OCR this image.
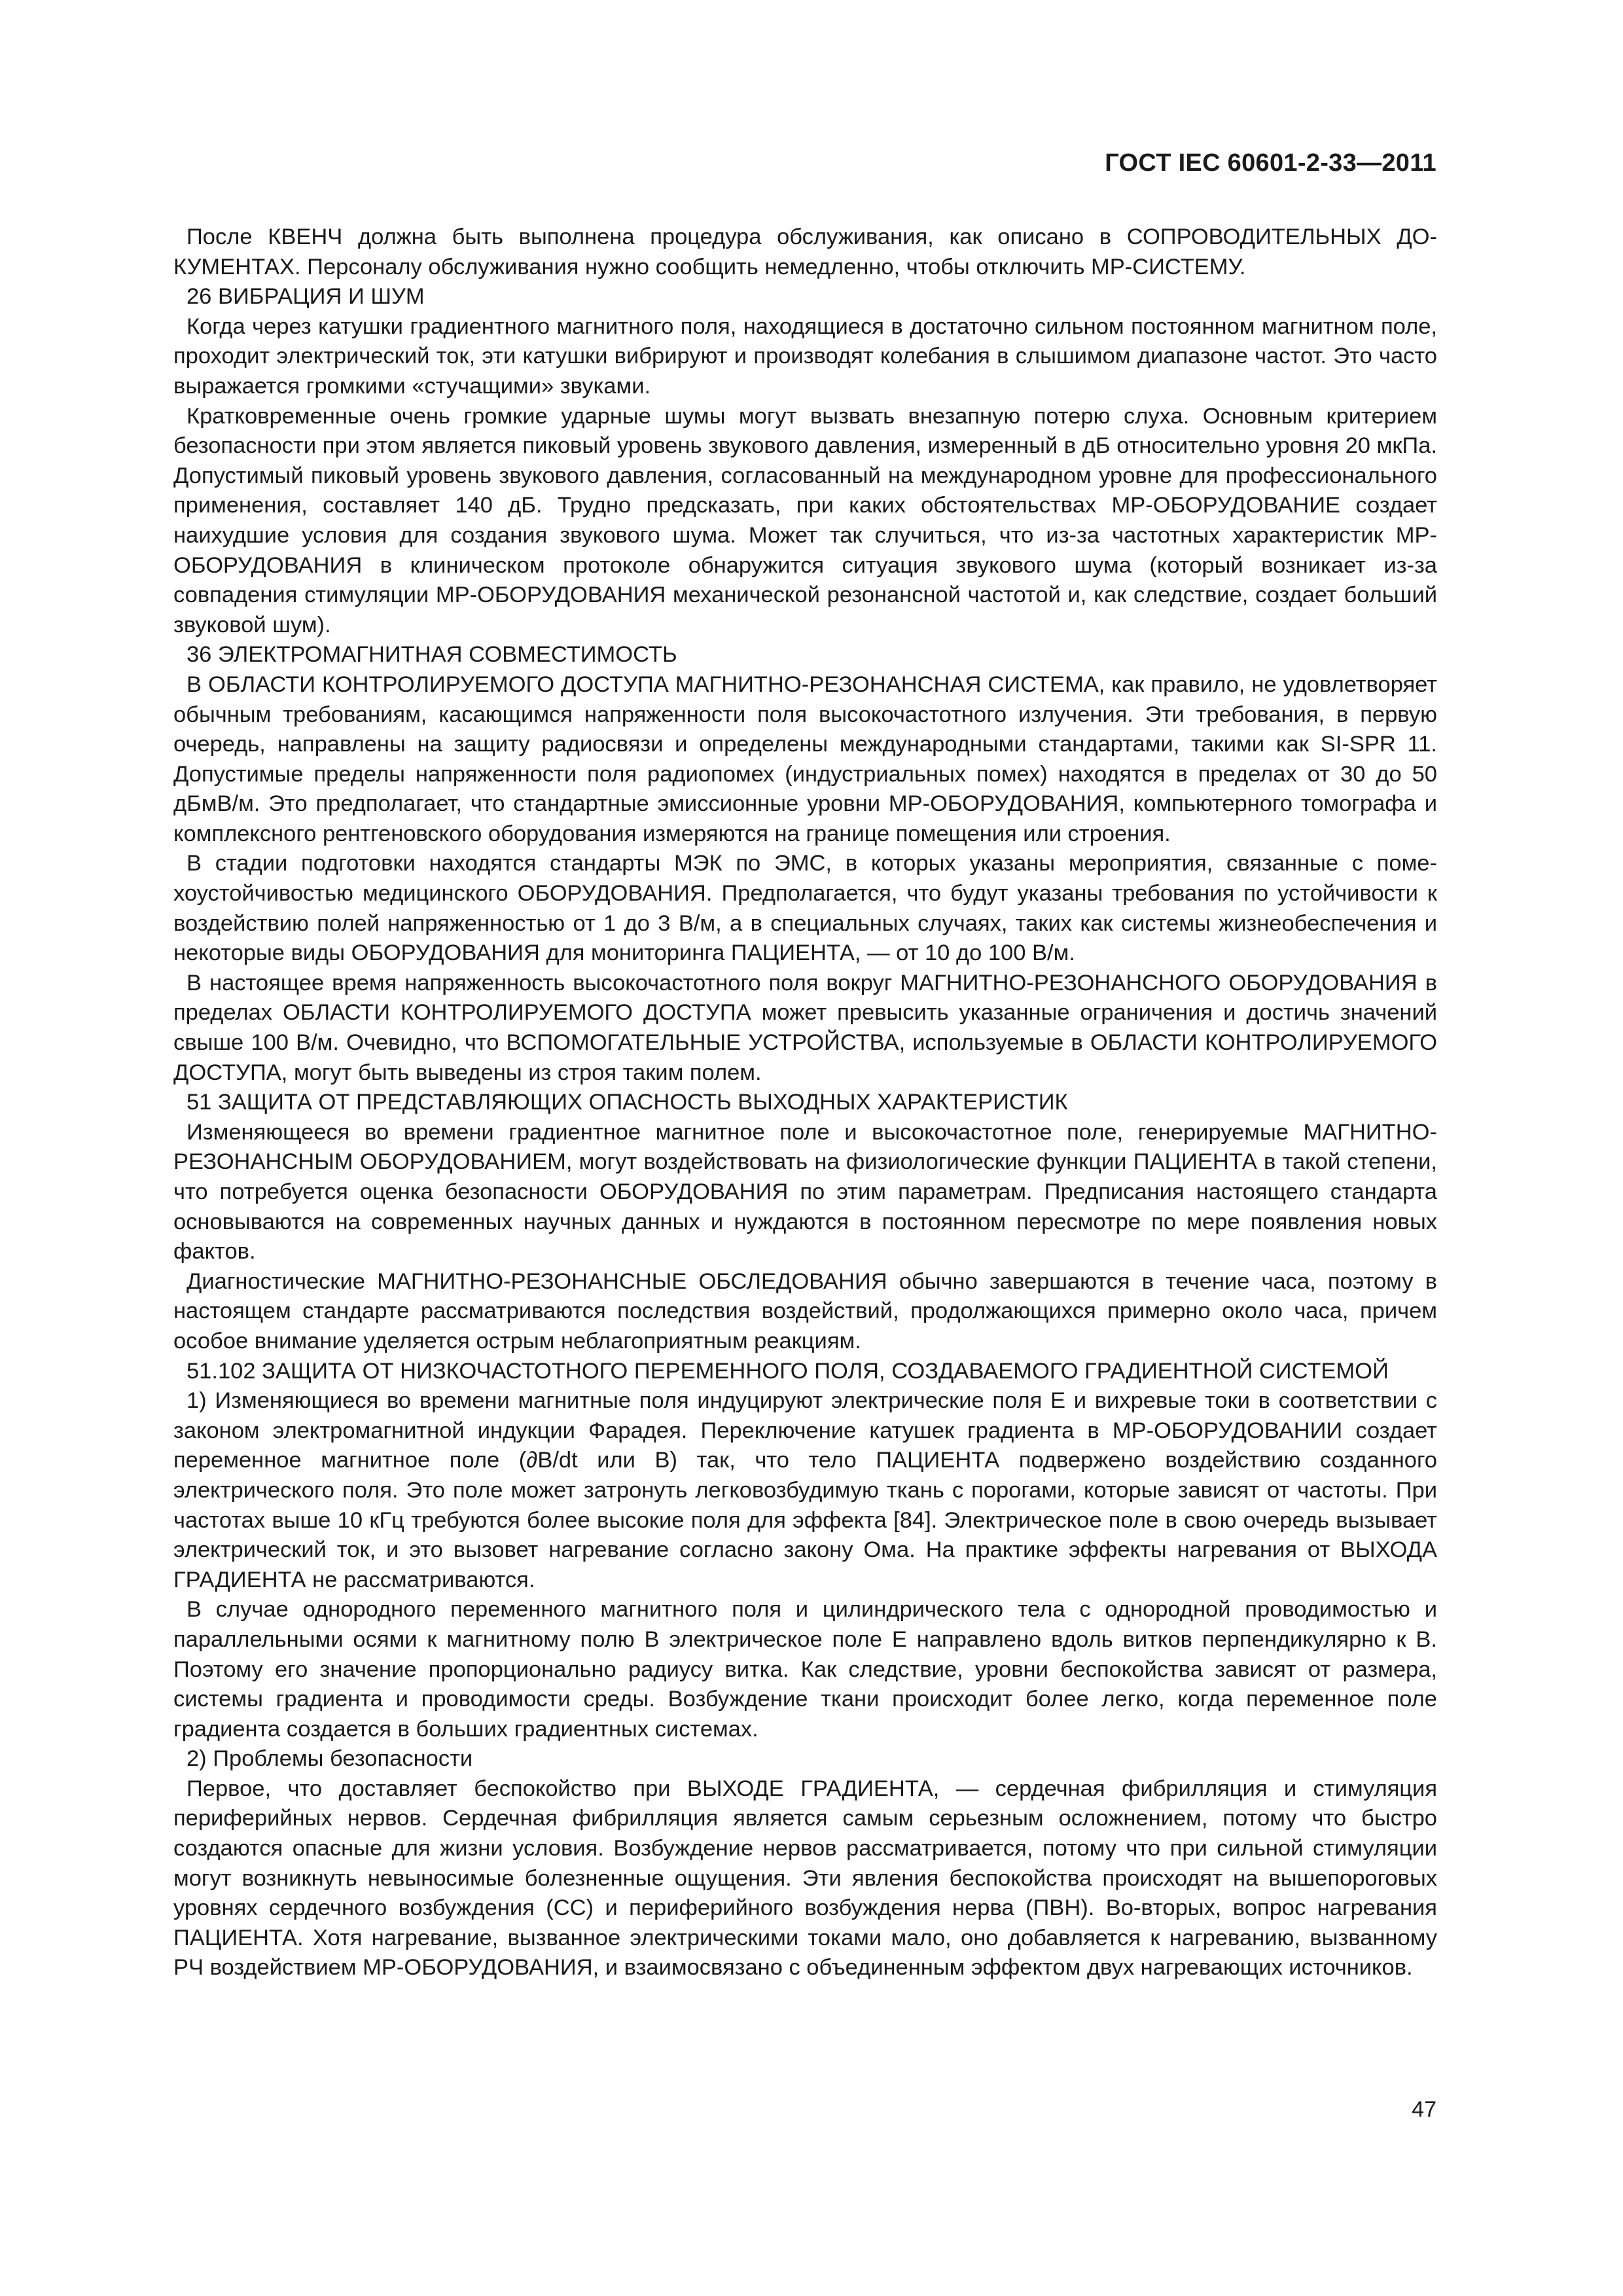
ГОСТ IEC 60601-2-33—2011

После КВЕНЧ должна быть выполнена процедура обслуживания, как описано в СОПРОВОДИТЕЛЬНЫХ ДОКУМЕНТАХ. Персоналу обслуживания нужно сообщить немедленно, чтобы отключить МР-СИСТЕМУ.

26 ВИБРАЦИЯ И ШУМ

Когда через катушки градиентного магнитного поля, находящиеся в достаточно сильном постоянном магнитном поле, проходит электрический ток, эти катушки вибрируют и производят колебания в слышимом диапазоне частот. Это часто выражается громкими «стучащими» звуками.

Кратковременные очень громкие ударные шумы могут вызвать внезапную потерю слуха. Основным критерием безопасности при этом является пиковый уровень звукового давления, измеренный в дБ относительно уровня 20 мкПа. Допустимый пиковый уровень звукового давления, согласованный на международном уровне для профессионального применения, составляет 140 дБ. Трудно предсказать, при каких обстоятельствах МР-ОБОРУДОВАНИЕ создает наихудшие условия для создания звукового шума. Может так случиться, что из-за частотных характеристик МР-ОБОРУДОВАНИЯ в клиническом протоколе обнаружится ситуация звукового шума (который возникает из-за совпадения стимуляции МР-ОБОРУДОВАНИЯ механической резонансной частотой и, как следствие, создает больший звуковой шум).

36 ЭЛЕКТРОМАГНИТНАЯ СОВМЕСТИМОСТЬ

В ОБЛАСТИ КОНТРОЛИРУЕМОГО ДОСТУПА МАГНИТНО-РЕЗОНАНСНАЯ СИСТЕМА, как правило, не удовлетворяет обычным требованиям, касающимся напряженности поля высокочастотного излучения. Эти требования, в первую очередь, направлены на защиту радиосвязи и определены международными стандартами, такими как SI-SPR 11. Допустимые пределы напряженности поля радиопомех (индустриальных помех) находятся в пределах от 30 до 50 дБмВ/м. Это предполагает, что стандартные эмиссионные уровни МР-ОБОРУДОВАНИЯ, компьютерного томографа и комплексного рентгеновского оборудования измеряются на границе помещения или строения.

В стадии подготовки находятся стандарты МЭК по ЭМС, в которых указаны мероприятия, связанные с помехоустойчивостью медицинского ОБОРУДОВАНИЯ. Предполагается, что будут указаны требования по устойчивости к воздействию полей напряженностью от 1 до 3 В/м, а в специальных случаях, таких как системы жизнеобеспечения и некоторые виды ОБОРУДОВАНИЯ для мониторинга ПАЦИЕНТА, — от 10 до 100 В/м.

В настоящее время напряженность высокочастотного поля вокруг МАГНИТНО-РЕЗОНАНСНОГО ОБОРУДОВАНИЯ в пределах ОБЛАСТИ КОНТРОЛИРУЕМОГО ДОСТУПА может превысить указанные ограничения и достичь значений свыше 100 В/м. Очевидно, что ВСПОМОГАТЕЛЬНЫЕ УСТРОЙСТВА, используемые в ОБЛАСТИ КОНТРОЛИРУЕМОГО ДОСТУПА, могут быть выведены из строя таким полем.

51 ЗАЩИТА ОТ ПРЕДСТАВЛЯЮЩИХ ОПАСНОСТЬ ВЫХОДНЫХ ХАРАКТЕРИСТИК

Изменяющееся во времени градиентное магнитное поле и высокочастотное поле, генерируемые МАГНИТНО-РЕЗОНАНСНЫМ ОБОРУДОВАНИЕМ, могут воздействовать на физиологические функции ПАЦИЕНТА в такой степени, что потребуется оценка безопасности ОБОРУДОВАНИЯ по этим параметрам. Предписания настоящего стандарта основываются на современных научных данных и нуждаются в постоянном пересмотре по мере появления новых фактов.

Диагностические МАГНИТНО-РЕЗОНАНСНЫЕ ОБСЛЕДОВАНИЯ обычно завершаются в течение часа, поэтому в настоящем стандарте рассматриваются последствия воздействий, продолжающихся примерно около часа, причем особое внимание уделяется острым неблагоприятным реакциям.

51.102 ЗАЩИТА ОТ НИЗКОЧАСТОТНОГО ПЕРЕМЕННОГО ПОЛЯ, СОЗДАВАЕМОГО ГРАДИЕНТНОЙ СИСТЕМОЙ

1) Изменяющиеся во времени магнитные поля индуцируют электрические поля E и вихревые токи в соответствии с законом электромагнитной индукции Фарадея. Переключение катушек градиента в МР-ОБОРУДОВАНИИ создает переменное магнитное поле (∂B/dt или B) так, что тело ПАЦИЕНТА подвержено воздействию созданного электрического поля. Это поле может затронуть легковозбудимую ткань с порогами, которые зависят от частоты. При частотах выше 10 кГц требуются более высокие поля для эффекта [84]. Электрическое поле в свою очередь вызывает электрический ток, и это вызовет нагревание согласно закону Ома. На практике эффекты нагревания от ВЫХОДА ГРАДИЕНТА не рассматриваются.

В случае однородного переменного магнитного поля и цилиндрического тела с однородной проводимостью и параллельными осями к магнитному полю B электрическое поле E направлено вдоль витков перпендикулярно к B. Поэтому его значение пропорционально радиусу витка. Как следствие, уровни беспокойства зависят от размера, системы градиента и проводимости среды. Возбуждение ткани происходит более легко, когда переменное поле градиента создается в больших градиентных системах.

2) Проблемы безопасности

Первое, что доставляет беспокойство при ВЫХОДЕ ГРАДИЕНТА, — сердечная фибрилляция и стимуляция периферийных нервов. Сердечная фибрилляция является самым серьезным осложнением, потому что быстро создаются опасные для жизни условия. Возбуждение нервов рассматривается, потому что при сильной стимуляции могут возникнуть невыносимые болезненные ощущения. Эти явления беспокойства происходят на вышепороговых уровнях сердечного возбуждения (СС) и периферийного возбуждения нерва (ПВН). Во-вторых, вопрос нагревания ПАЦИЕНТА. Хотя нагревание, вызванное электрическими токами мало, оно добавляется к нагреванию, вызванному РЧ воздействием МР-ОБОРУДОВАНИЯ, и взаимосвязано с объединенным эффектом двух нагревающих источников.

47
